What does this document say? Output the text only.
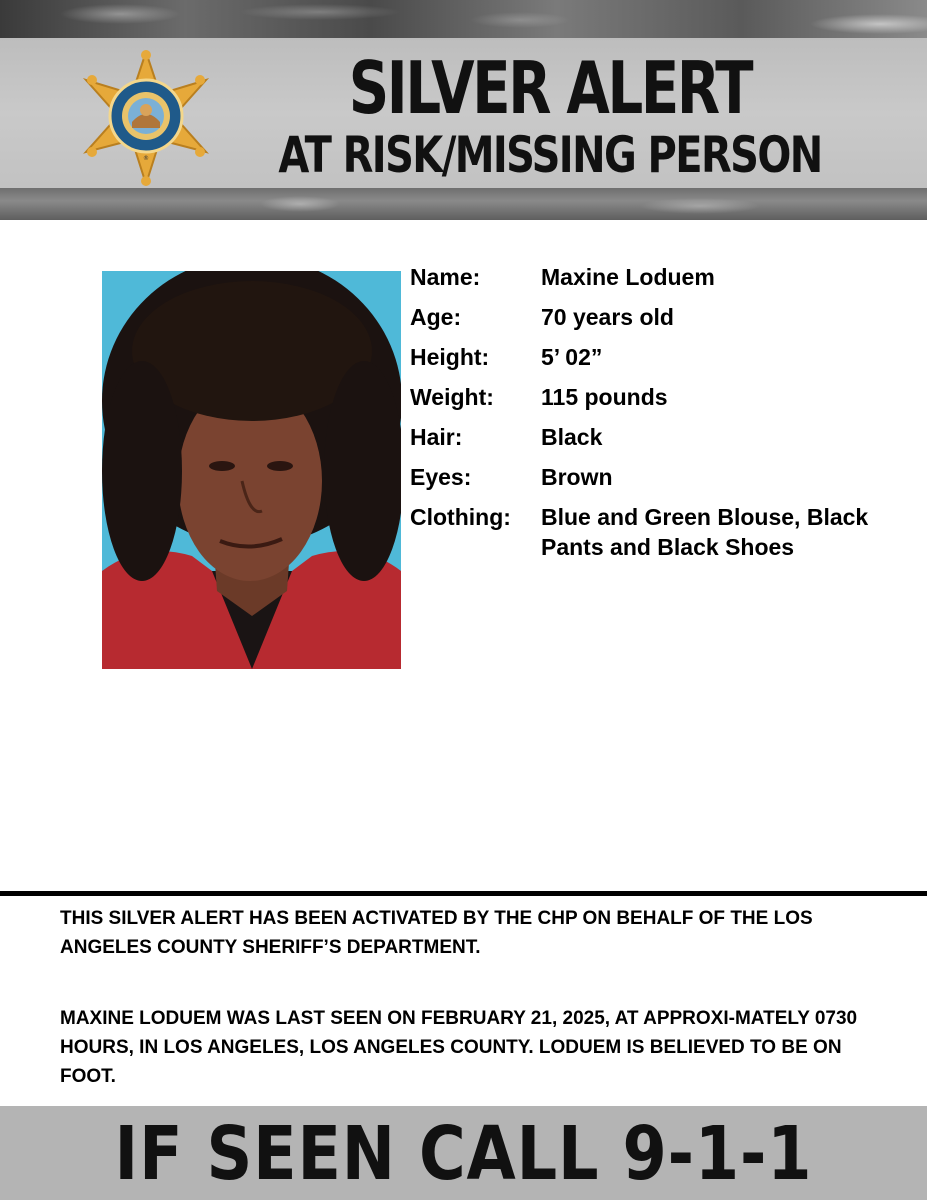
®
SILVER ALERT
AT RISK/MISSING PERSON
Name:	Maxine Loduem
Age:	70 years old
Height:	5’ 02”
Weight:	115 pounds
Hair:	Black
Eyes:	Brown
Clothing:	Blue and Green Blouse, Black Pants and Black Shoes
THIS SILVER ALERT HAS BEEN ACTIVATED BY THE CHP ON BEHALF OF THE LOS ANGELES COUNTY SHERIFF’S DEPARTMENT.
MAXINE LODUEM WAS LAST SEEN ON FEBRUARY 21, 2025, AT APPROXI-MATELY 0730 HOURS, IN LOS ANGELES, LOS ANGELES COUNTY. LODUEM IS BELIEVED TO BE ON FOOT.
IF SEEN CALL 9-1-1
